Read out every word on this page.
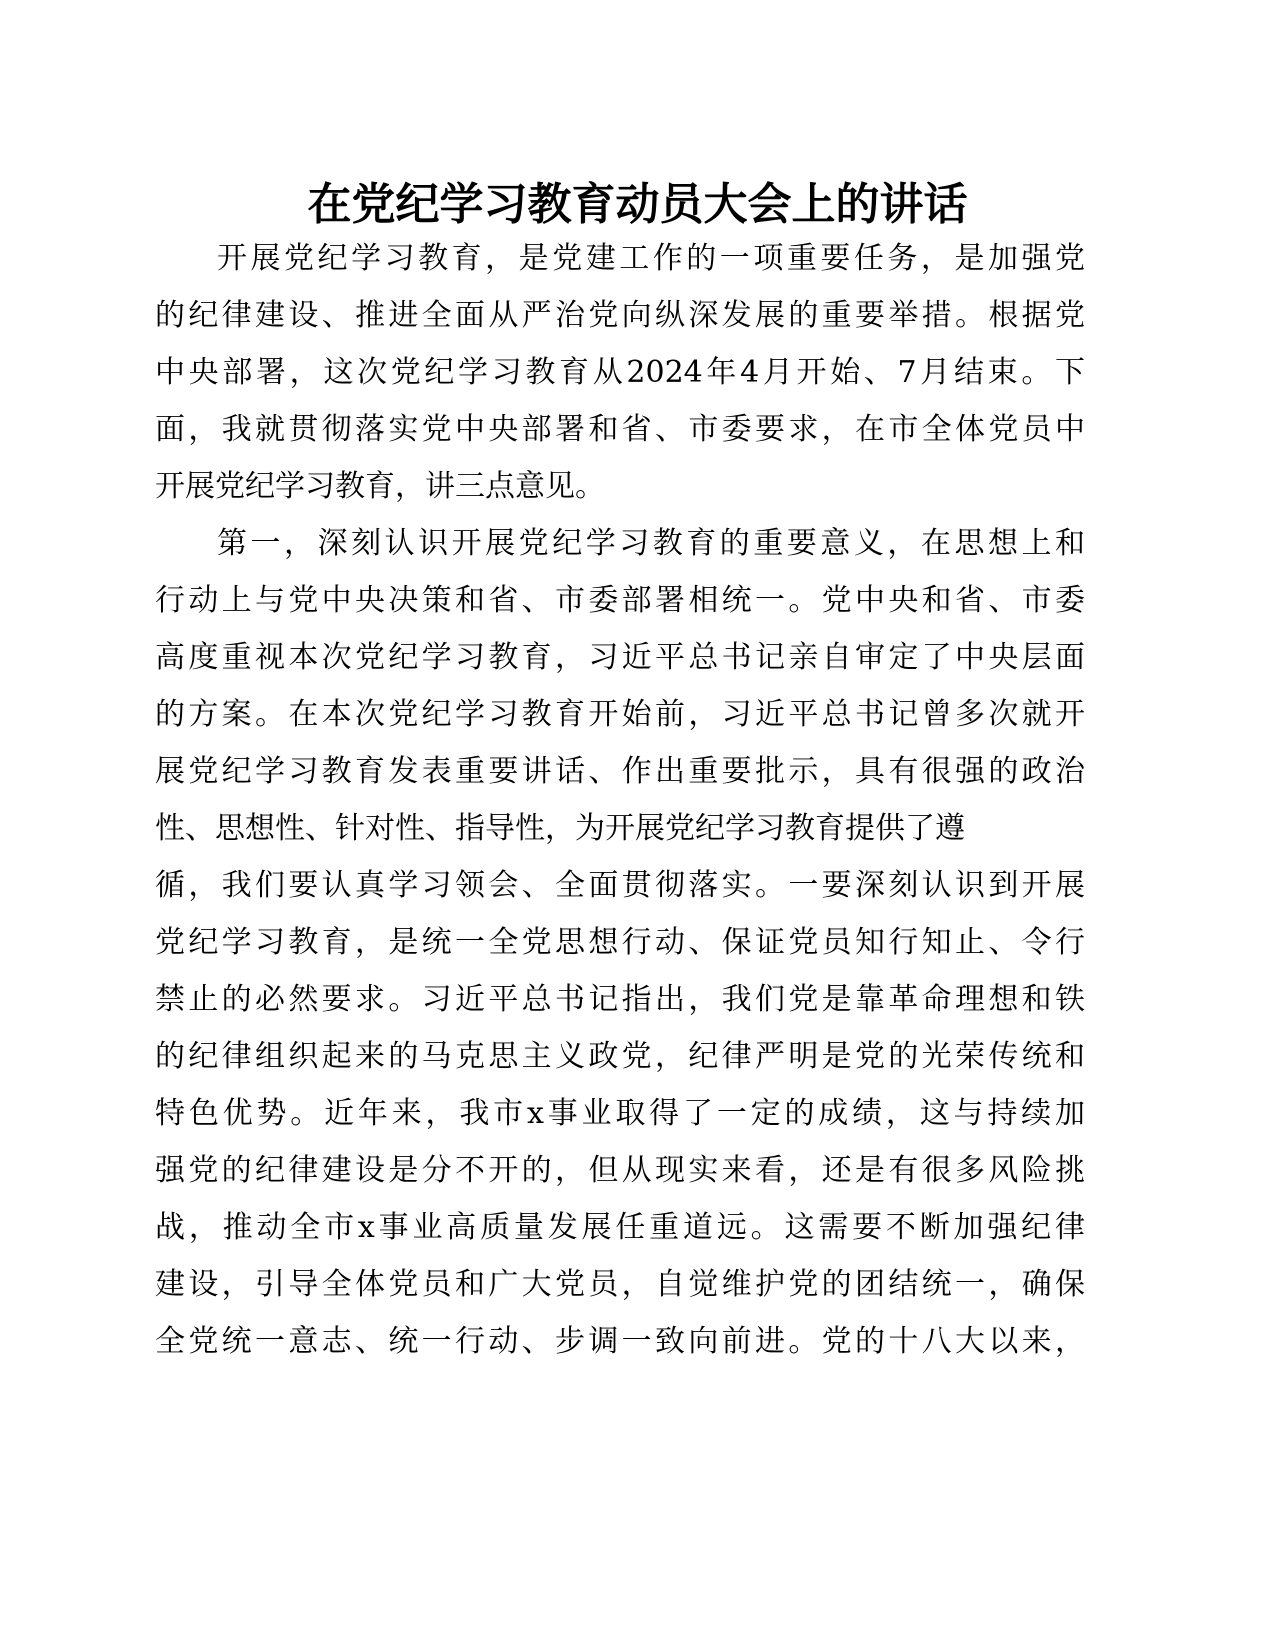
在党纪学习教育动员大会上的讲话
开展党纪学习教育，是党建工作的一项重要任务，是加强党
的纪律建设、推进全面从严治党向纵深发展的重要举措。根据党
中央部署，这次党纪学习教育从2024年4月开始、7月结束。下
面，我就贯彻落实党中央部署和省、市委要求，在市全体党员中
开展党纪学习教育，讲三点意见。
第一，深刻认识开展党纪学习教育的重要意义，在思想上和
行动上与党中央决策和省、市委部署相统一。党中央和省、市委
高度重视本次党纪学习教育，习近平总书记亲自审定了中央层面
的方案。在本次党纪学习教育开始前，习近平总书记曾多次就开
展党纪学习教育发表重要讲话、作出重要批示，具有很强的政治
性、思想性、针对性、指导性，为开展党纪学习教育提供了遵
循，我们要认真学习领会、全面贯彻落实。一要深刻认识到开展
党纪学习教育，是统一全党思想行动、保证党员知行知止、令行
禁止的必然要求。习近平总书记指出，我们党是靠革命理想和铁
的纪律组织起来的马克思主义政党，纪律严明是党的光荣传统和
特色优势。近年来，我市x事业取得了一定的成绩，这与持续加
强党的纪律建设是分不开的，但从现实来看，还是有很多风险挑
战，推动全市x事业高质量发展任重道远。这需要不断加强纪律
建设，引导全体党员和广大党员，自觉维护党的团结统一，确保
全党统一意志、统一行动、步调一致向前进。党的十八大以来，
